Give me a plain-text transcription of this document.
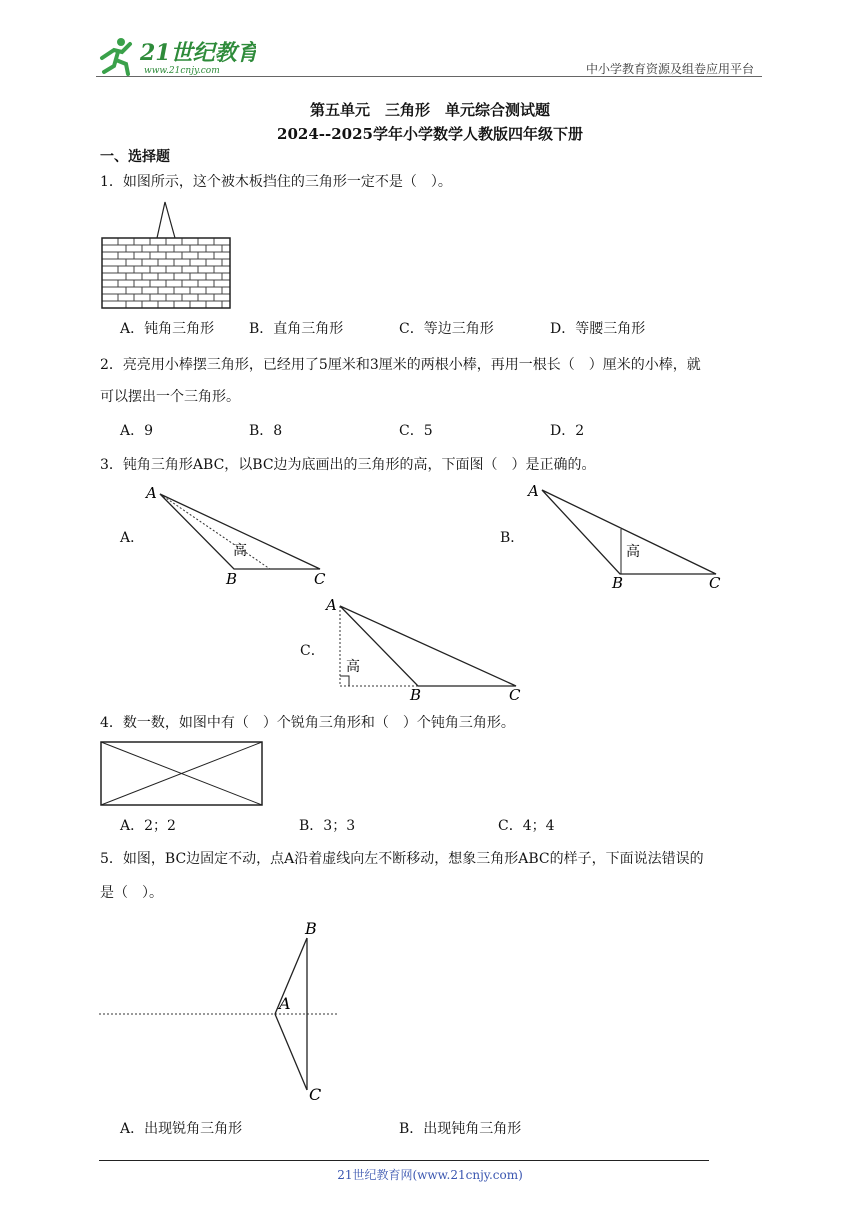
21世纪教育
www.21cnjy.com	中小学教育资源及组卷应用平台
第五单元　三角形　单元综合测试题
2024--2025学年小学数学人教版四年级下册
一、选择题
1．如图所示，这个被木板挡住的三角形一定不是（　）。
A．钝角三角形 B．直角三角形	C．等边三角形	D．等腰三角形
2．亮亮用小棒摆三角形，已经用了5厘米和3厘米的两根小棒，再用一根长（　）厘米的小棒，就
可以摆出一个三角形。
A．9	B．8	C．5	D．2
3．钝角三角形ABC，以BC边为底画出的三角形的高，下面图（　）是正确的。
A．
A
B	C
高
B．
A
B	C
高
C．
A
B	C
高
4．数一数，如图中有（　）个锐角三角形和（　）个钝角三角形。
A．2；2	B．3；3	C．4；4
5．如图，BC边固定不动，点A沿着虚线向左不断移动，想象三角形ABC的样子，下面说法错误的
是（　）。
B
A
C
A．出现锐角三角形	B．出现钝角三角形
21世纪教育网(www.21cnjy.com)
